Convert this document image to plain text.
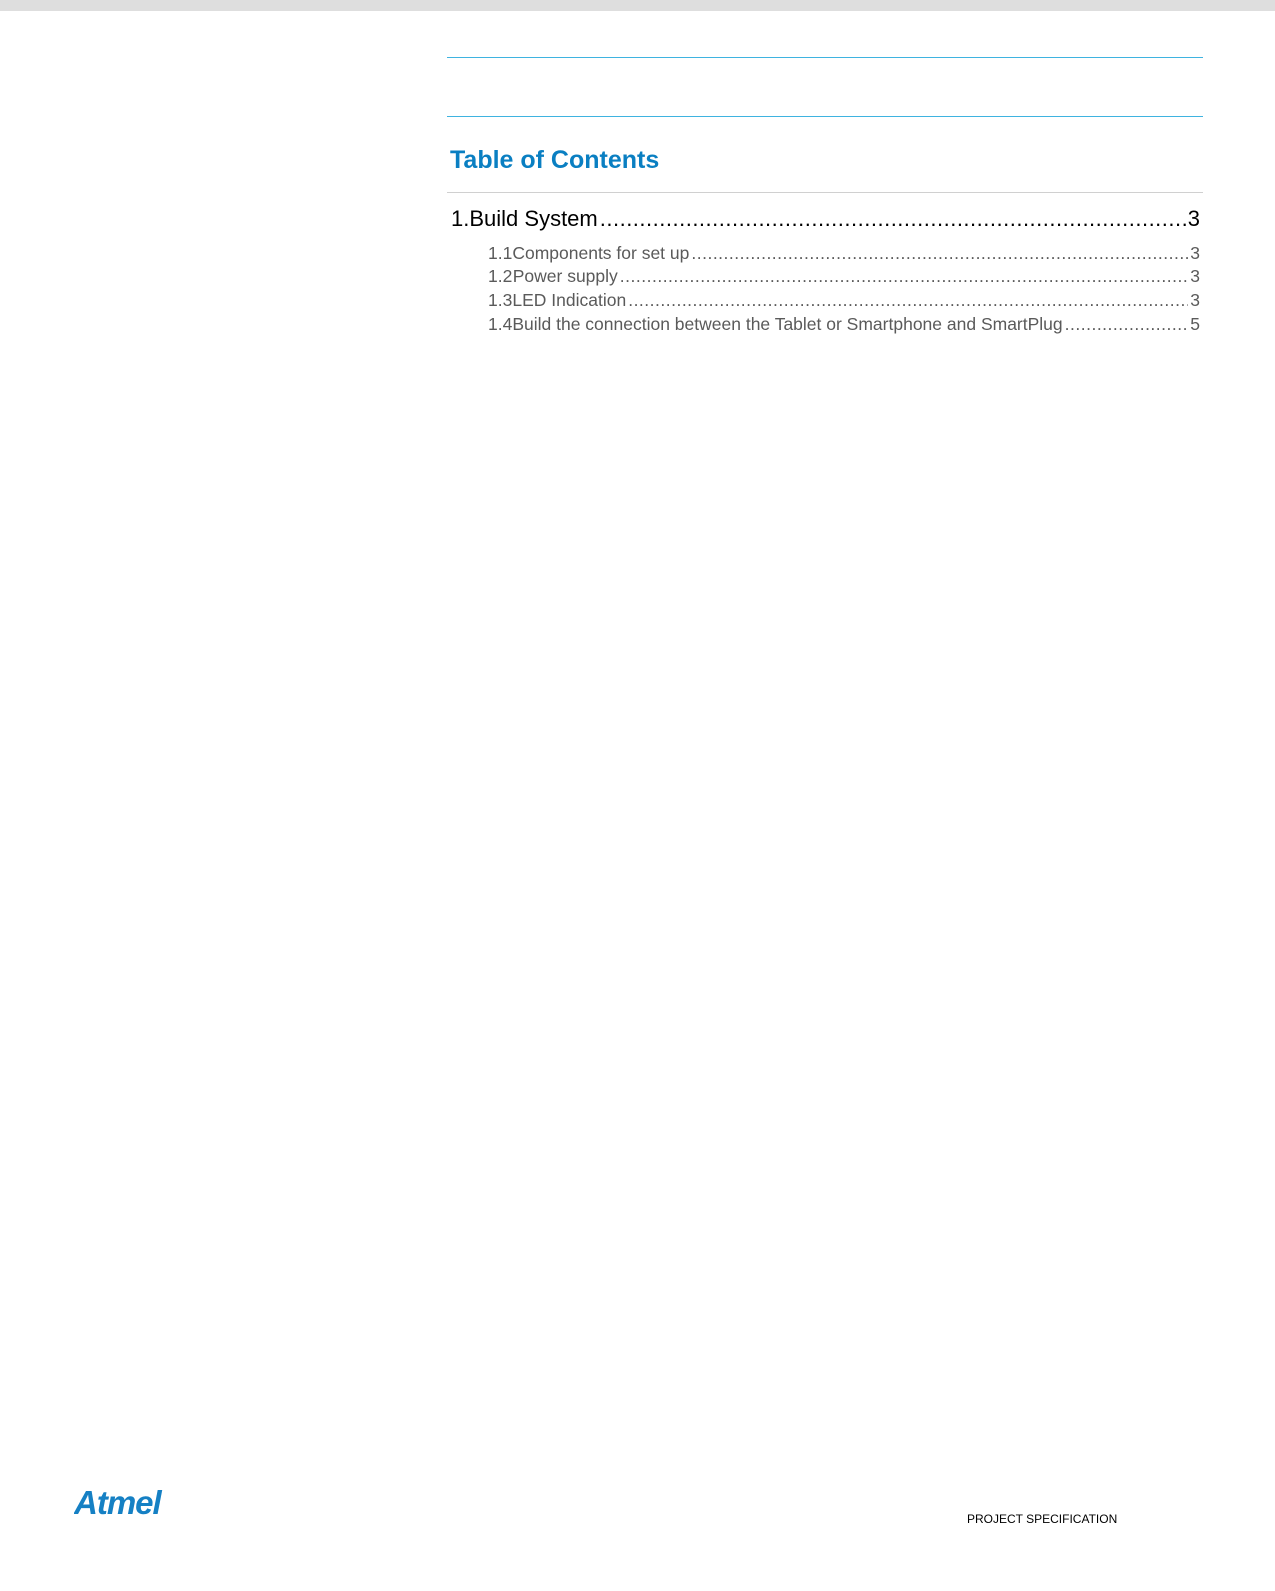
Table of Contents
1. Build System .....	3
1.1 Components for set up .....	3
1.2 Power supply .....	3
1.3 LED Indication .....	3
1.4 Build the connection between the Tablet or Smartphone and SmartPlug .....	5
Atmel	PROJECT SPECIFICATION
